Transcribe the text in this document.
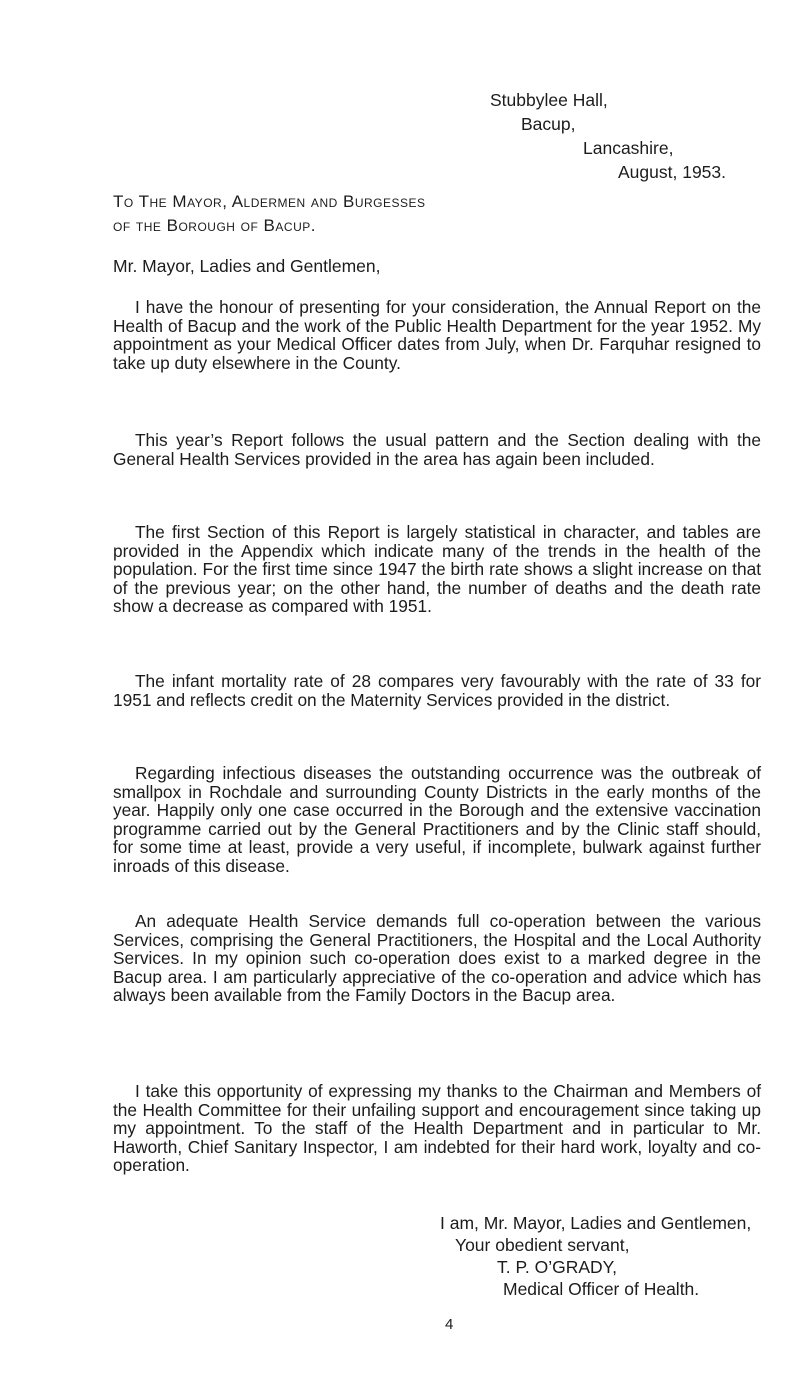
Stubbylee Hall,
Bacup,
Lancashire,
August, 1953.
To The Mayor, Aldermen and Burgesses
of the Borough of Bacup.
Mr. Mayor, Ladies and Gentlemen,

I have the honour of presenting for your consideration, the Annual Report on the Health of Bacup and the work of the Public Health Department for the year 1952. My appointment as your Medical Officer dates from July, when Dr. Farquhar resigned to take up duty elsewhere in the County.

This year’s Report follows the usual pattern and the Section dealing with the General Health Services provided in the area has again been included.

The first Section of this Report is largely statistical in character, and tables are provided in the Appendix which indicate many of the trends in the health of the population. For the first time since 1947 the birth rate shows a slight increase on that of the previous year; on the other hand, the number of deaths and the death rate show a decrease as compared with 1951.

The infant mortality rate of 28 compares very favourably with the rate of 33 for 1951 and reflects credit on the Maternity Services provided in the district.

Regarding infectious diseases the outstanding occurrence was the outbreak of smallpox in Rochdale and surrounding County Districts in the early months of the year. Happily only one case occurred in the Borough and the extensive vaccination programme carried out by the General Practitioners and by the Clinic staff should, for some time at least, provide a very useful, if incomplete, bulwark against further inroads of this disease.

An adequate Health Service demands full co-operation between the various Services, comprising the General Practitioners, the Hospital and the Local Authority Services. In my opinion such co-operation does exist to a marked degree in the Bacup area. I am particularly appreciative of the co-operation and advice which has always been available from the Family Doctors in the Bacup area.

I take this opportunity of expressing my thanks to the Chairman and Members of the Health Committee for their unfailing support and encouragement since taking up my appointment. To the staff of the Health Department and in particular to Mr. Haworth, Chief Sanitary Inspector, I am indebted for their hard work, loyalty and co-operation.

I am, Mr. Mayor, Ladies and Gentlemen,
Your obedient servant,
T. P. O’GRADY,
Medical Officer of Health.
4
